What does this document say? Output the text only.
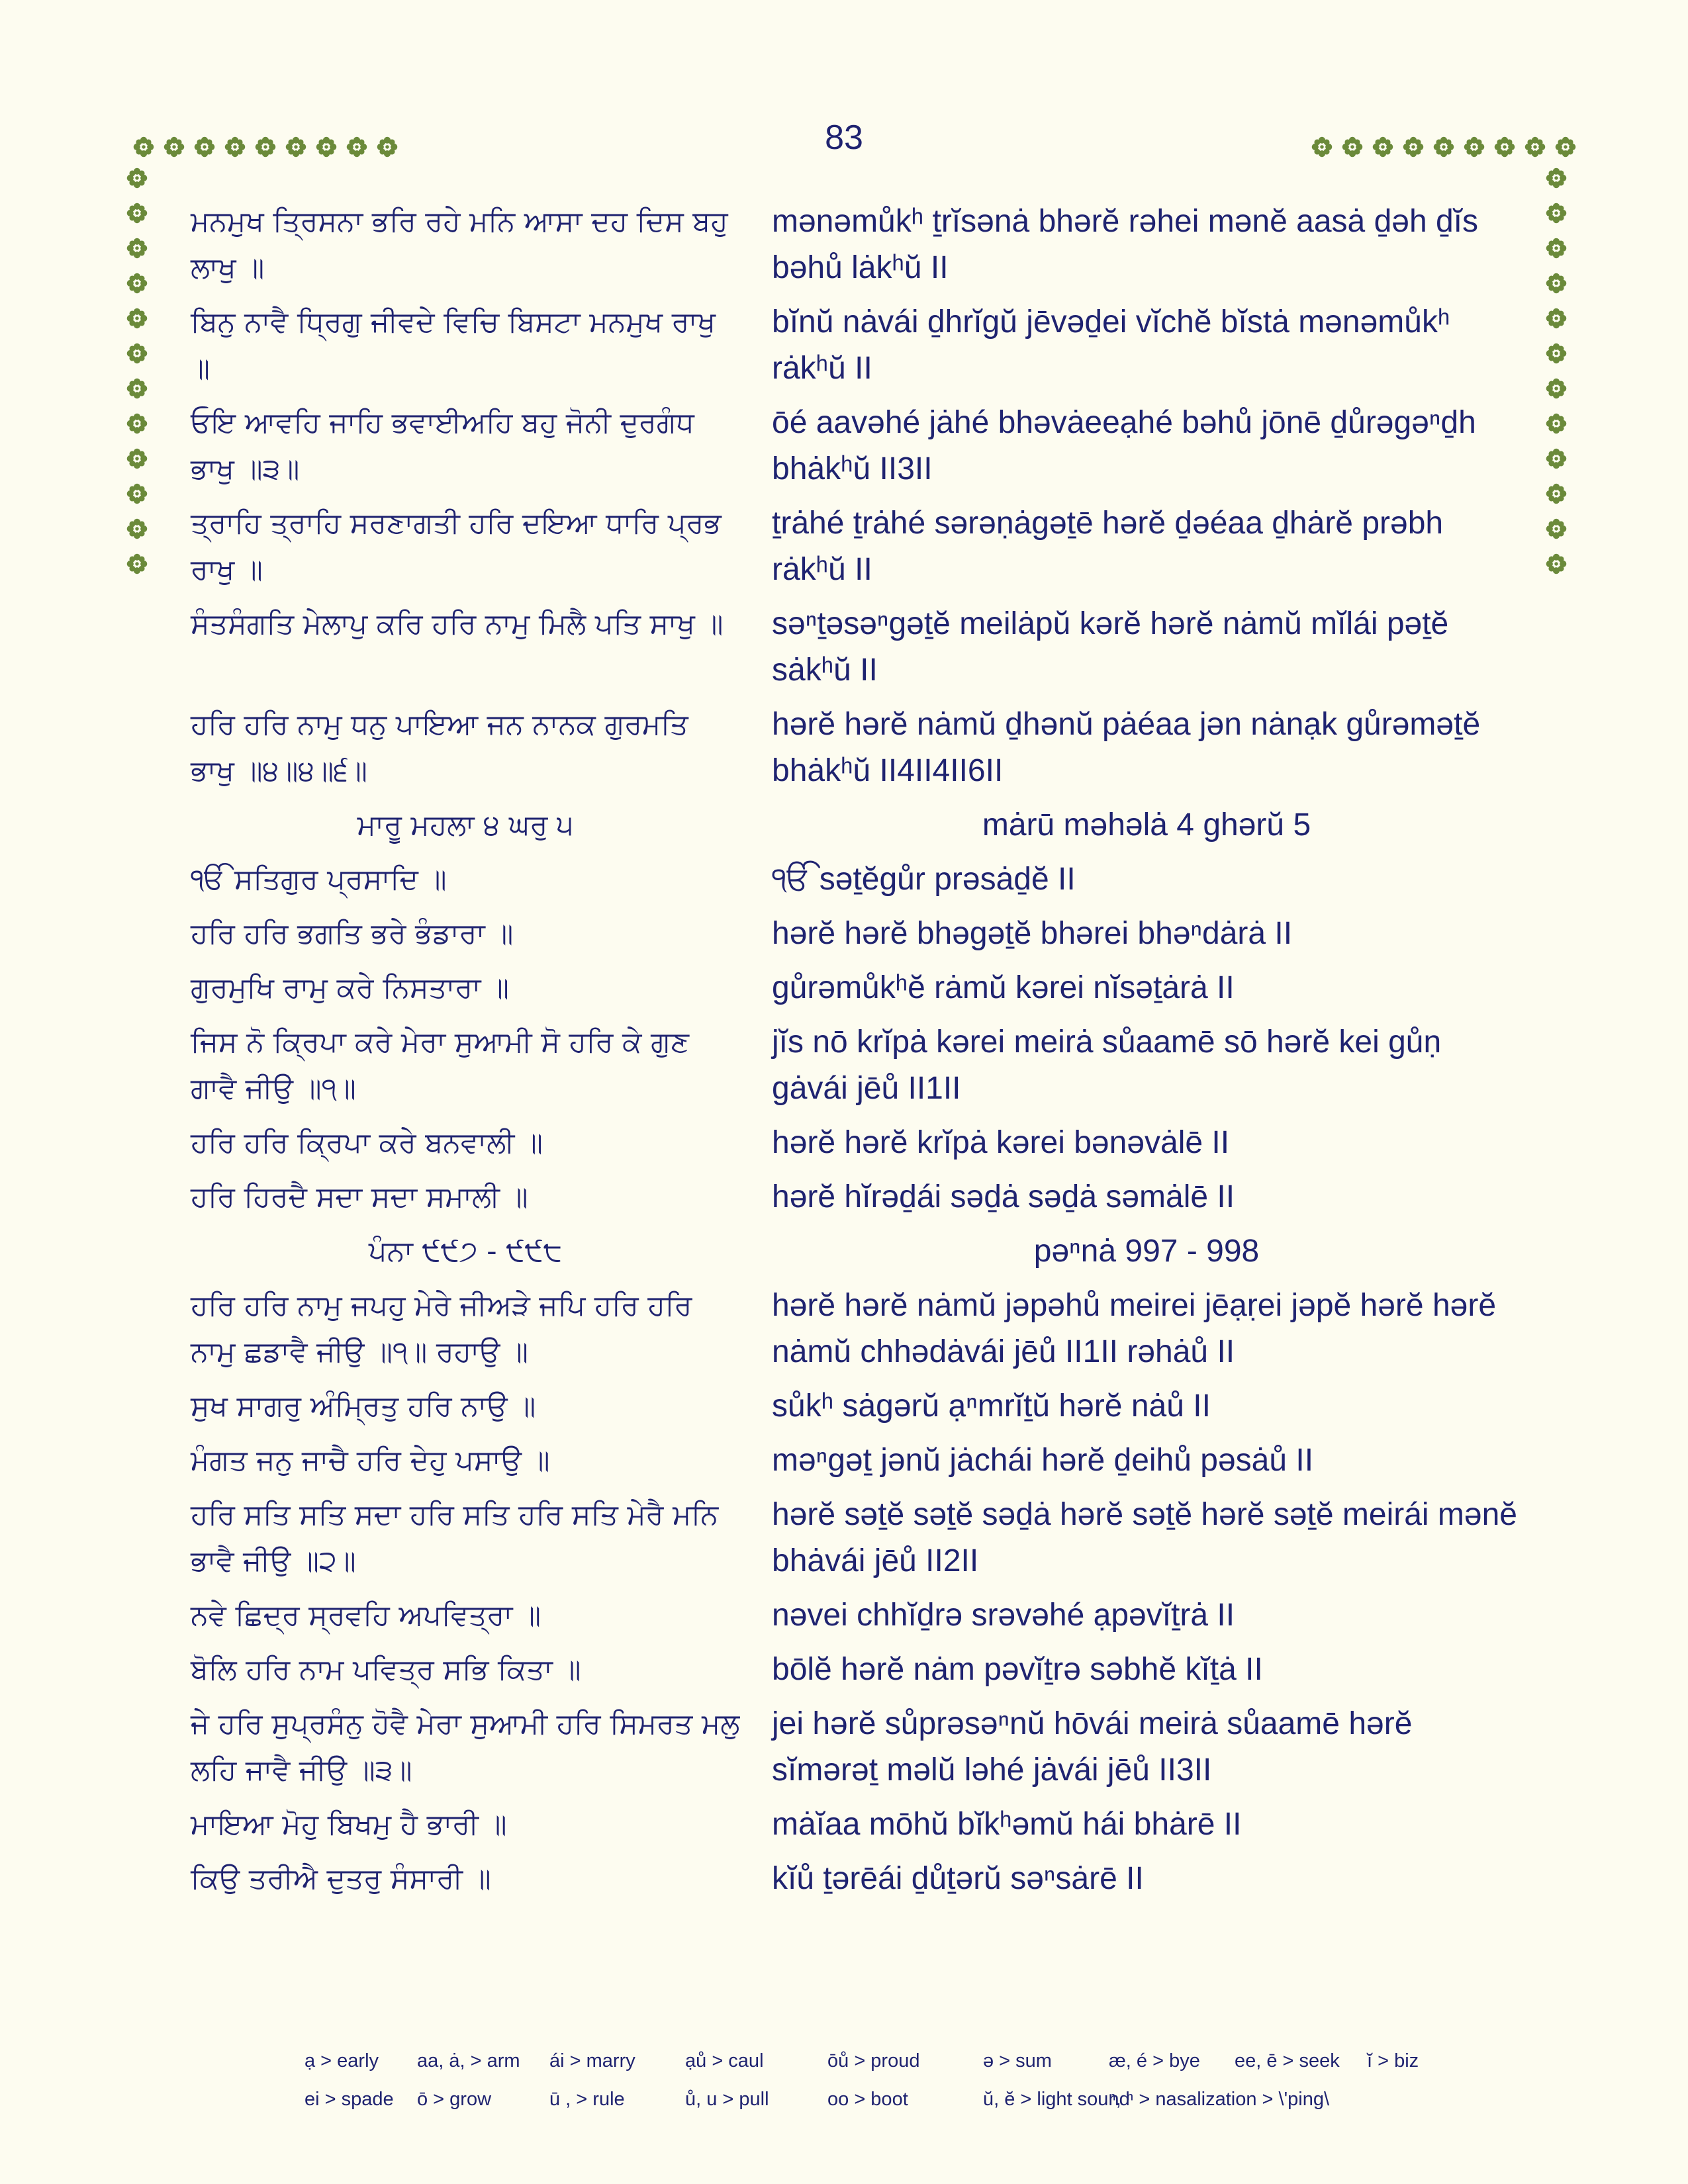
83
ਮਨਮੁਖ ਤ੍ਰਿਸਨਾ ਭਰਿ ਰਹੇ ਮਨਿ ਆਸਾ ਦਹ ਦਿਸ ਬਹੁ ਲਾਖੁ ॥
mənəmůkʰ ṯrĭsənȧ bhərĕ rəhei mənĕ aasȧ ḏəh ḏĭs bəhů lȧkʰŭ II
ਬਿਨੁ ਨਾਵੈ ਧ੍ਰਿਗੁ ਜੀਵਦੇ ਵਿਚਿ ਬਿਸਟਾ ਮਨਮੁਖ ਰਾਖੁ ॥
bĭnŭ nȧvái ḏhrĭgŭ jēvəḏei vĭchĕ bĭstȧ mənəmůkʰ rȧkʰŭ II
ਓਇ ਆਵਹਿ ਜਾਹਿ ਭਵਾਈਅਹਿ ਬਹੁ ਜੋਨੀ ਦੁਰਗੰਧ ਭਾਖੁ ॥੩॥
ōé aavəhé jȧhé bhəvȧeeạhé bəhů jōnē ḏůrəgəⁿḏh bhȧkʰŭ II3II
ਤ੍ਰਾਹਿ ਤ੍ਰਾਹਿ ਸਰਣਾਗਤੀ ਹਰਿ ਦਇਆ ਧਾਰਿ ਪ੍ਰਭ ਰਾਖੁ ॥
ṯrȧhé ṯrȧhé sərəṇȧgəṯē hərĕ ḏəéaa ḏhȧrĕ prəbh rȧkʰŭ II
ਸੰਤਸੰਗਤਿ ਮੇਲਾਪੁ ਕਰਿ ਹਰਿ ਨਾਮੁ ਮਿਲੈ ਪਤਿ ਸਾਖੁ ॥	səⁿṯəsəⁿgəṯĕ meilȧpŭ kərĕ hərĕ nȧmŭ mĭlái pəṯĕ sȧkʰŭ II
ਹਰਿ ਹਰਿ ਨਾਮੁ ਧਨੁ ਪਾਇਆ ਜਨ ਨਾਨਕ ਗੁਰਮਤਿ ਭਾਖੁ ॥੪॥੪॥੬॥
hərĕ hərĕ nȧmŭ ḏhənŭ pȧéaa jən nȧnạk gůrəməṯĕ bhȧkʰŭ II4II4II6II
ਮਾਰੂ ਮਹਲਾ ੪ ਘਰੁ ੫	mȧrū məhəlȧ 4 ghərŭ 5
ੴ ਸਤਿਗੁਰ ਪ੍ਰਸਾਦਿ ॥	ੴ səṯĕgůr prəsȧḏĕ II
ਹਰਿ ਹਰਿ ਭਗਤਿ ਭਰੇ ਭੰਡਾਰਾ ॥	hərĕ hərĕ bhəgəṯĕ bhərei bhəⁿdȧrȧ II
ਗੁਰਮੁਖਿ ਰਾਮੁ ਕਰੇ ਨਿਸਤਾਰਾ ॥	gůrəmůkʰĕ rȧmŭ kərei nĭsəṯȧrȧ II
ਜਿਸ ਨੋ ਕ੍ਰਿਪਾ ਕਰੇ ਮੇਰਾ ਸੁਆਮੀ ਸੋ ਹਰਿ ਕੇ ਗੁਣ ਗਾਵੈ ਜੀਉ ॥੧॥
jĭs nō krĭpȧ kərei meirȧ sůaamē sō hərĕ kei gůṇ gȧvái jēů II1II
ਹਰਿ ਹਰਿ ਕ੍ਰਿਪਾ ਕਰੇ ਬਨਵਾਲੀ ॥	hərĕ hərĕ krĭpȧ kərei bənəvȧlē II
ਹਰਿ ਹਿਰਦੈ ਸਦਾ ਸਦਾ ਸਮਾਲੀ ॥	hərĕ hĭrəḏái səḏȧ səḏȧ səmȧlē II
ਪੰਨਾ ੯੯੭ - ੯੯੮	pəⁿnȧ 997 - 998
ਹਰਿ ਹਰਿ ਨਾਮੁ ਜਪਹੁ ਮੇਰੇ ਜੀਅੜੇ ਜਪਿ ਹਰਿ ਹਰਿ ਨਾਮੁ ਛਡਾਵੈ ਜੀਉ ॥੧॥ ਰਹਾਉ ॥
hərĕ hərĕ nȧmŭ jəpəhů meirei jēạṛei jəpĕ hərĕ hərĕ nȧmŭ chhədȧvái jēů II1II rəhȧů II
ਸੁਖ ਸਾਗਰੁ ਅੰਮ੍ਰਿਤੁ ਹਰਿ ਨਾਉ ॥	sůkʰ sȧgərŭ ạⁿmrĭṯŭ hərĕ nȧů II
ਮੰਗਤ ਜਨੁ ਜਾਚੈ ਹਰਿ ਦੇਹੁ ਪਸਾਉ ॥	məⁿgəṯ jənŭ jȧchái hərĕ ḏeihů pəsȧů II
ਹਰਿ ਸਤਿ ਸਤਿ ਸਦਾ ਹਰਿ ਸਤਿ ਹਰਿ ਸਤਿ ਮੇਰੈ ਮਨਿ ਭਾਵੈ ਜੀਉ ॥੨॥
hərĕ səṯĕ səṯĕ səḏȧ hərĕ səṯĕ hərĕ səṯĕ meirái mənĕ bhȧvái jēů II2II
ਨਵੇ ਛਿਦ੍ਰ ਸ੍ਰਵਹਿ ਅਪਵਿਤ੍ਰਾ ॥	nəvei chhĭḏrə srəvəhé ạpəvĭṯrȧ II
ਬੋਲਿ ਹਰਿ ਨਾਮ ਪਵਿਤ੍ਰ ਸਭਿ ਕਿਤਾ ॥	bōlĕ hərĕ nȧm pəvĭṯrə səbhĕ kĭṯȧ II
ਜੇ ਹਰਿ ਸੁਪ੍ਰਸੰਨੁ ਹੋਵੈ ਮੇਰਾ ਸੁਆਮੀ ਹਰਿ ਸਿਮਰਤ ਮਲੁ ਲਹਿ ਜਾਵੈ ਜੀਉ ॥੩॥
jei hərĕ sůprəsəⁿnŭ hōvái meirȧ sůaamē hərĕ sĭmərəṯ məlŭ ləhé jȧvái jēů II3II
ਮਾਇਆ ਮੋਹੁ ਬਿਖਮੁ ਹੈ ਭਾਰੀ ॥	mȧĭaa mōhŭ bĭkʰəmŭ hái bhȧrē II
ਕਿਉ ਤਰੀਐ ਦੁਤਰੁ ਸੰਸਾਰੀ ॥	kĭů ṯərēái ḏůṯərŭ səⁿsȧrē II
ạ > early	aa, ȧ, > arm	ái > marry	ạů > caul	ōů > proud	ə > sum	æ, é > bye	ee, ē > seek	ĭ > biz
ei > spade	ō > grow	ū , > rule	ů, u > pull	oo > boot	ŭ, ĕ > light sound
ⁿ, ⁿ > nasalization > \'ping\
